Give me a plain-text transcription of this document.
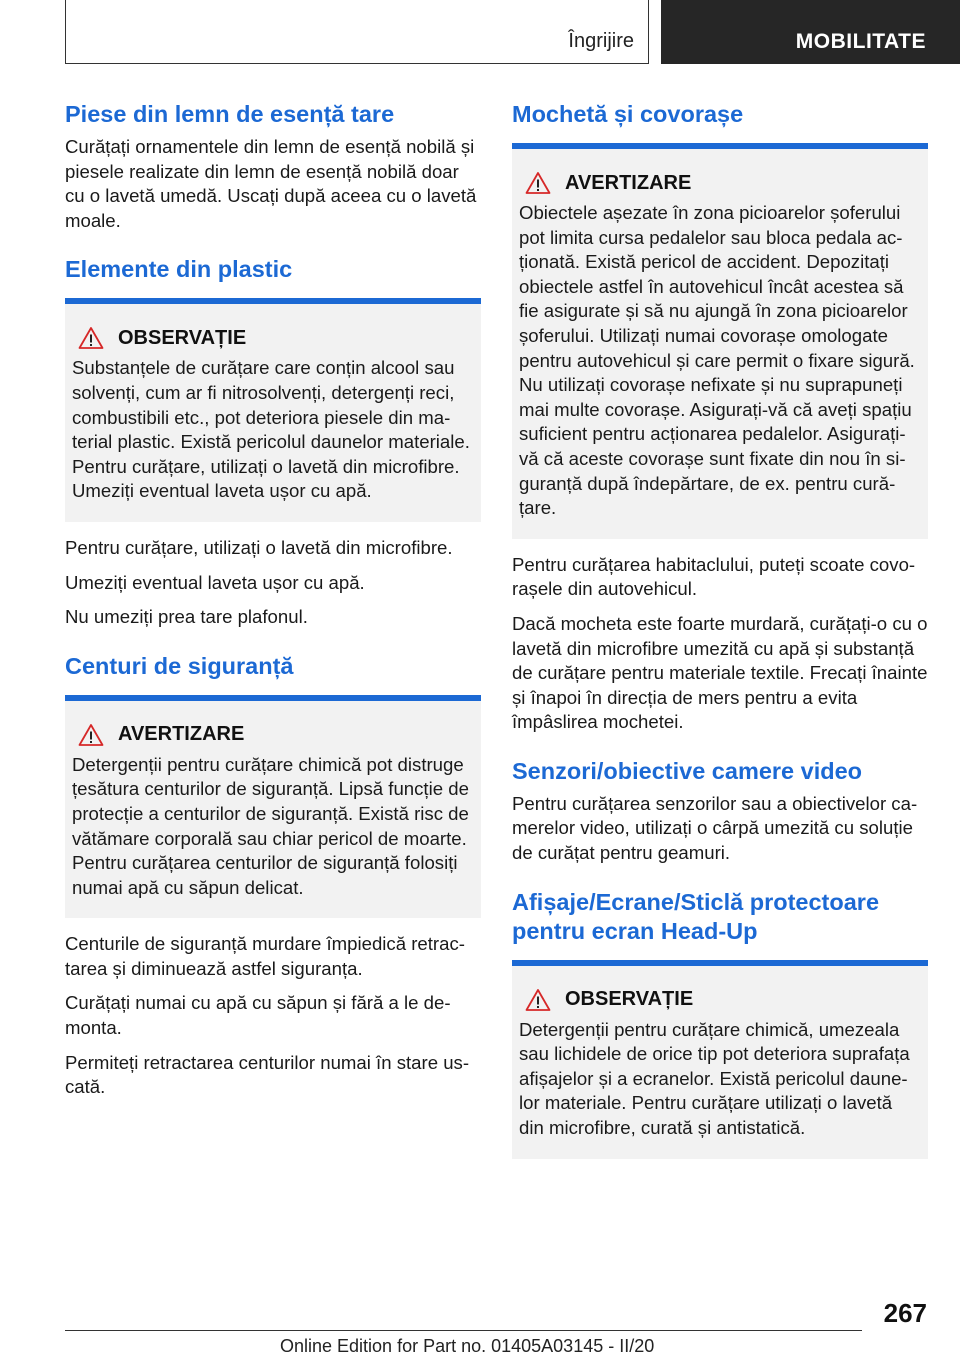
Îngrijire	MOBILITATE
Piese din lemn de esență tare

Curățați ornamentele din lemn de esență nobilă și piesele realizate din lemn de esență nobilă doar cu o lavetă umedă. Uscați după aceea cu o lavetă moale.

Elemente din plastic
OBSERVAȚIE

Substanțele de curățare care conțin alcool sau solvenți, cum ar fi nitrosolvenți, detergenți reci, combustibili etc., pot deteriora piesele din material plastic. Există pericolul daunelor materiale. Pentru curățare, utilizați o lavetă din microfibre. Umeziți eventual laveta ușor cu apă.

Pentru curățare, utilizați o lavetă din microfibre.

Umeziți eventual laveta ușor cu apă.

Nu umeziți prea tare plafonul.

Centuri de siguranță
AVERTIZARE

Detergenții pentru curățare chimică pot distruge țesătura centurilor de siguranță. Lipsă funcție de protecție a centurilor de siguranță. Există risc de vătămare corporală sau chiar pericol de moarte. Pentru curățarea centurilor de siguranță folosiți numai apă cu săpun delicat.

Centurile de siguranță murdare împiedică retractarea și diminuează astfel siguranța.

Curățați numai cu apă cu săpun și fără a le demonta.

Permiteți retractarea centurilor numai în stare uscată.

Mochetă și covorașe
AVERTIZARE

Obiectele așezate în zona picioarelor șoferului pot limita cursa pedalelor sau bloca pedala acționată. Există pericol de accident. Depozitați obiectele astfel în autovehicul încât acestea să fie asigurate și să nu ajungă în zona picioarelor șoferului. Utilizați numai covorașe omologate pentru autovehicul și care permit o fixare sigură. Nu utilizați covorașe nefixate și nu suprapuneți mai multe covorașe. Asigurați-vă că aveți spațiu suficient pentru acționarea pedalelor. Asigurați-vă că aceste covorașe sunt fixate din nou în siguranță după îndepărtare, de ex. pentru curățare.

Pentru curățarea habitaclului, puteți scoate covorașele din autovehicul.

Dacă mocheta este foarte murdară, curățați-o cu o lavetă din microfibre umezită cu apă și substanță de curățare pentru materiale textile. Frecați înainte și înapoi în direcția de mers pentru a evita împâslirea mochetei.

Senzori/obiective camere video

Pentru curățarea senzorilor sau a obiectivelor camerelor video, utilizați o cârpă umezită cu soluție de curățat pentru geamuri.

Afișaje/Ecrane/Sticlă protectoare pentru ecran Head-Up
OBSERVAȚIE

Detergenții pentru curățare chimică, umezeala sau lichidele de orice tip pot deteriora suprafața afișajelor și a ecranelor. Există pericolul daunelor materiale. Pentru curățare utilizați o lavetă din microfibre, curată și antistatică.

267
Online Edition for Part no. 01405A03145 - II/20
